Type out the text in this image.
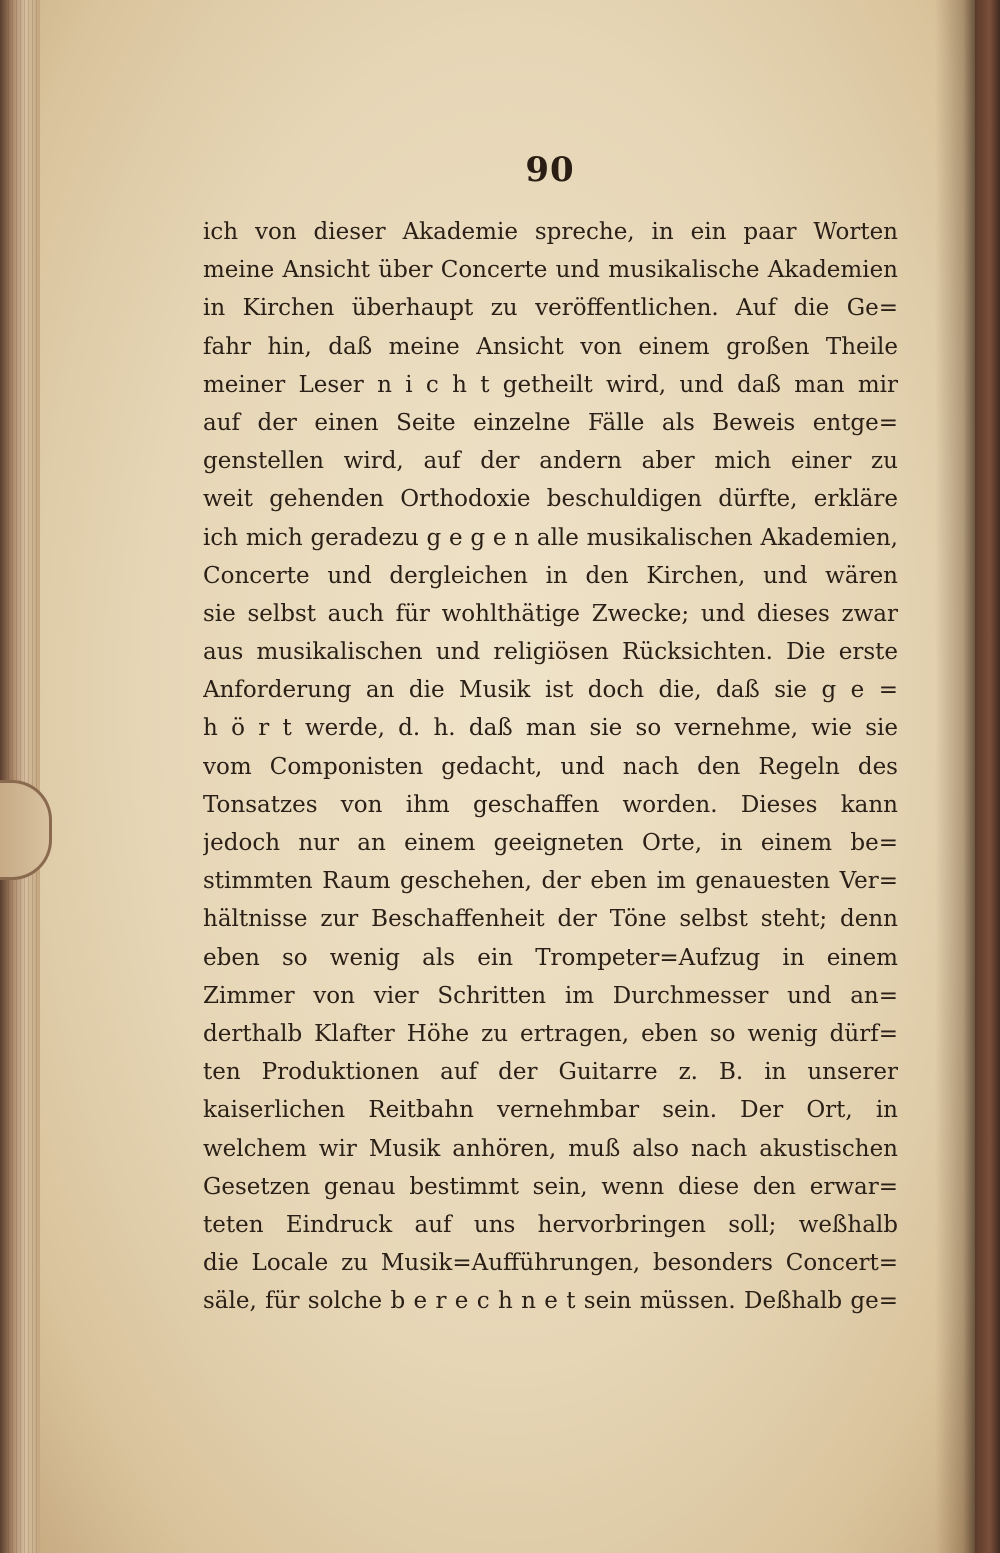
90
ich von dieser Akademie spreche, in ein paar Worten
meine Ansicht über Concerte und musikalische Akademien
in Kirchen überhaupt zu veröffentlichen. Auf die Ge=
fahr hin, daß meine Ansicht von einem großen Theile
meiner Leser n i c h t getheilt wird, und daß man mir
auf der einen Seite einzelne Fälle als Beweis entge=
genstellen wird, auf der andern aber mich einer zu
weit gehenden Orthodoxie beschuldigen dürfte, erkläre
ich mich geradezu g e g e n alle musikalischen Akademien,
Concerte und dergleichen in den Kirchen, und wären
sie selbst auch für wohlthätige Zwecke; und dieses zwar
aus musikalischen und religiösen Rücksichten. Die erste
Anforderung an die Musik ist doch die, daß sie g e =
h ö r t werde, d. h. daß man sie so vernehme, wie sie
vom Componisten gedacht, und nach den Regeln des
Tonsatzes von ihm geschaffen worden. Dieses kann
jedoch nur an einem geeigneten Orte, in einem be=
stimmten Raum geschehen, der eben im genauesten Ver=
hältnisse zur Beschaffenheit der Töne selbst steht; denn
eben so wenig als ein Trompeter=Aufzug in einem
Zimmer von vier Schritten im Durchmesser und an=
derthalb Klafter Höhe zu ertragen, eben so wenig dürf=
ten Produktionen auf der Guitarre z. B. in unserer
kaiserlichen Reitbahn vernehmbar sein. Der Ort, in
welchem wir Musik anhören, muß also nach akustischen
Gesetzen genau bestimmt sein, wenn diese den erwar=
teten Eindruck auf uns hervorbringen soll; weßhalb
die Locale zu Musik=Aufführungen, besonders Concert=
säle, für solche b e r e c h n e t sein müssen. Deßhalb ge=
